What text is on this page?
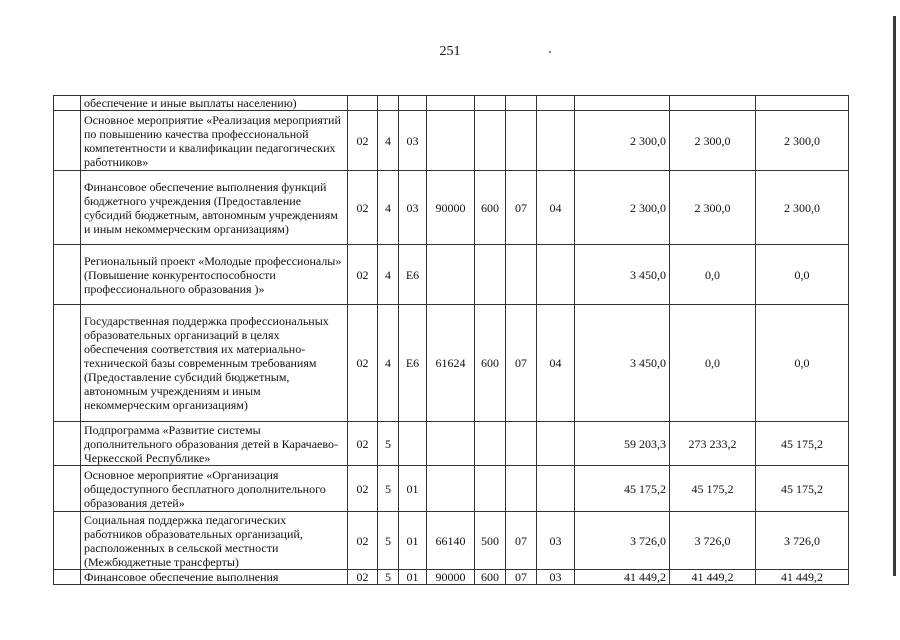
251
	обеспечение и иные выплаты населению)										
	Основное мероприятие «Реализация мероприятий по повышению качества профессиональной компетентности и квалификации педагогических работников»	02	4	03					2 300,0	2 300,0	2 300,0
	Финансовое обеспечение выполнения функций бюджетного учреждения (Предоставление субсидий бюджетным, автономным учреждениям и иным некоммерческим организациям)	02	4	03	90000	600	07	04	2 300,0	2 300,0	2 300,0
	Региональный проект «Молодые профессионалы» (Повышение конкурентоспособности профессионального образования )»	02	4	E6					3 450,0	0,0	0,0
	Государственная поддержка профессиональных образовательных организаций в целях обеспечения соответствия их материально-технической базы современным требованиям (Предоставление субсидий бюджетным, автономным учреждениям и иным некоммерческим организациям)	02	4	E6	61624	600	07	04	3 450,0	0,0	0,0
	Подпрограмма «Развитие системы дополнительного образования детей в Карачаево-Черкесской Республике»	02	5						59 203,3	273 233,2	45 175,2
	Основное мероприятие «Организация общедоступного бесплатного дополнительного образования детей»	02	5	01					45 175,2	45 175,2	45 175,2
	Социальная поддержка педагогических работников образовательных организаций, расположенных в сельской местности (Межбюджетные трансферты)	02	5	01	66140	500	07	03	3 726,0	3 726,0	3 726,0
	Финансовое обеспечение выполнения	02	5	01	90000	600	07	03	41 449,2	41 449,2	41 449,2
